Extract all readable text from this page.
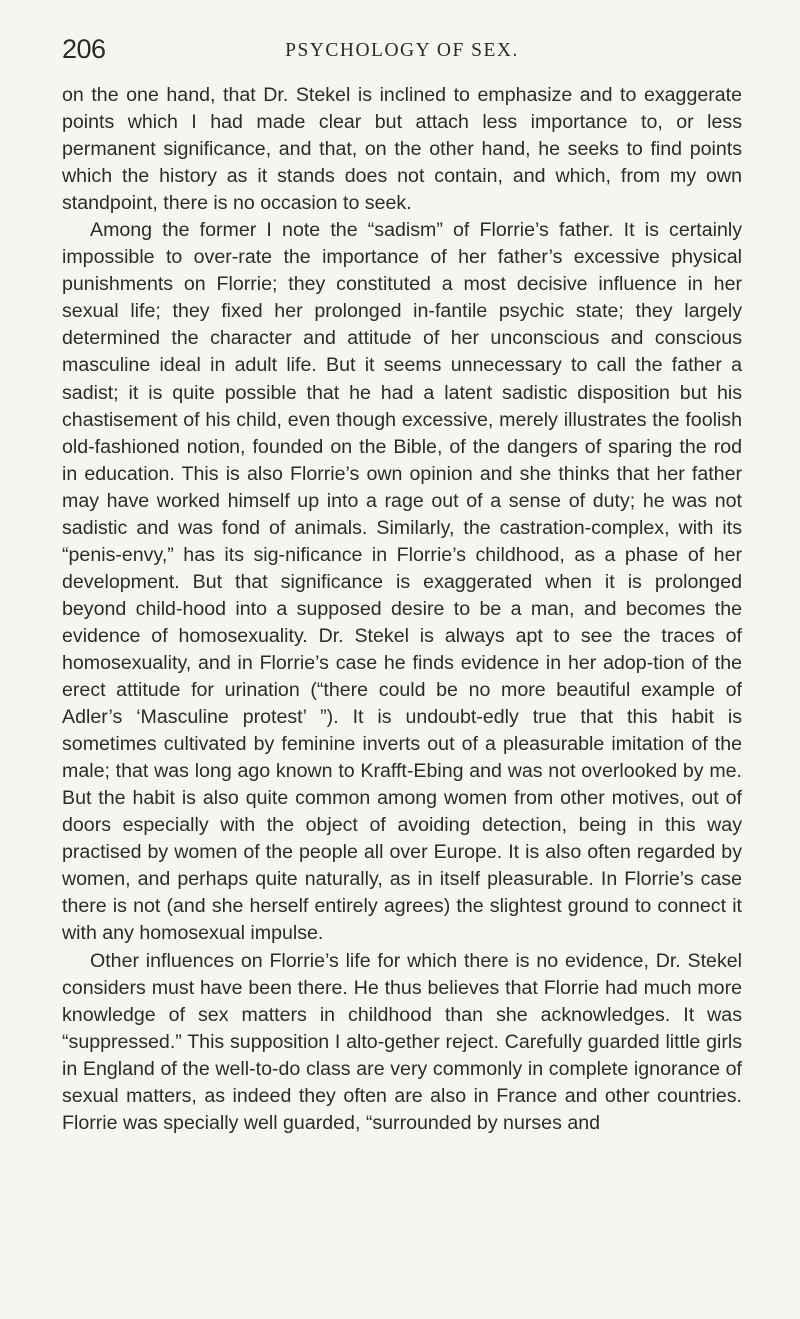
206	PSYCHOLOGY OF SEX.

on the one hand, that Dr. Stekel is inclined to emphasize and to exaggerate points which I had made clear but attach less importance to, or less permanent significance, and that, on the other hand, he seeks to find points which the history as it stands does not contain, and which, from my own standpoint, there is no occasion to seek.

Among the former I note the “sadism” of Florrie’s father. It is certainly impossible to over-rate the importance of her father’s excessive physical punishments on Florrie; they constituted a most decisive influence in her sexual life; they fixed her prolonged in-fantile psychic state; they largely determined the character and attitude of her unconscious and conscious masculine ideal in adult life. But it seems unnecessary to call the father a sadist; it is quite possible that he had a latent sadistic disposition but his chastisement of his child, even though excessive, merely illustrates the foolish old-fashioned notion, founded on the Bible, of the dangers of sparing the rod in education. This is also Florrie’s own opinion and she thinks that her father may have worked himself up into a rage out of a sense of duty; he was not sadistic and was fond of animals. Similarly, the castration-complex, with its “penis-envy,” has its sig-nificance in Florrie’s childhood, as a phase of her development. But that significance is exaggerated when it is prolonged beyond child-hood into a supposed desire to be a man, and becomes the evidence of homosexuality. Dr. Stekel is always apt to see the traces of homosexuality, and in Florrie’s case he finds evidence in her adop-tion of the erect attitude for urination (“there could be no more beautiful example of Adler’s ‘Masculine protest’ ”). It is undoubt-edly true that this habit is sometimes cultivated by feminine inverts out of a pleasurable imitation of the male; that was long ago known to Krafft-Ebing and was not overlooked by me. But the habit is also quite common among women from other motives, out of doors especially with the object of avoiding detection, being in this way practised by women of the people all over Europe. It is also often regarded by women, and perhaps quite naturally, as in itself pleasurable. In Florrie’s case there is not (and she herself entirely agrees) the slightest ground to connect it with any homosexual impulse.

Other influences on Florrie’s life for which there is no evidence, Dr. Stekel considers must have been there. He thus believes that Florrie had much more knowledge of sex matters in childhood than she acknowledges. It was “suppressed.” This supposition I alto-gether reject. Carefully guarded little girls in England of the well-to-do class are very commonly in complete ignorance of sexual matters, as indeed they often are also in France and other countries. Florrie was specially well guarded, “surrounded by nurses and
